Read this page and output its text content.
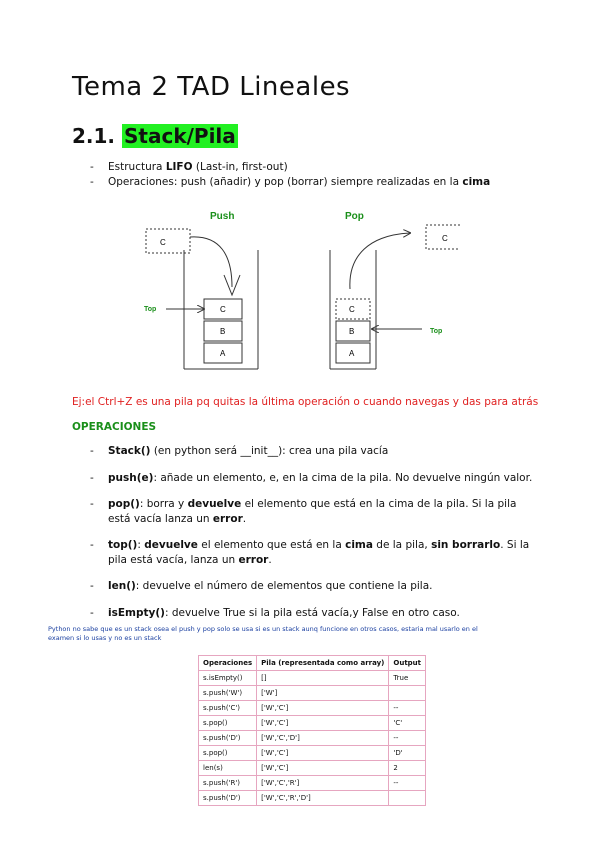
Tema 2 TAD Lineales
2.1. Stack/Pila
- Estructura LIFO (Last-in, first-out)
- Operaciones: push (añadir) y pop (borrar) siempre realizadas en la cima
Push
C
C
B
A
Top
Pop
C
C
B
A
Top
Ej:el Ctrl+Z es una pila pq quitas la última operación o cuando navegas y das para atrás
OPERACIONES
-	Stack() (en python será __init__): crea una pila vacía
-	push(e): añade un elemento, e, en la cima de la pila. No devuelve ningún valor.
-	pop(): borra y devuelve el elemento que está en la cima de la pila. Si la pila está vacía lanza un error.
-	top(): devuelve el elemento que está en la cima de la pila, sin borrarlo. Si la pila está vacía, lanza un error.
-	len(): devuelve el número de elementos que contiene la pila.
-	isEmpty(): devuelve True si la pila está vacía,y False en otro caso.
Python no sabe que es un stack osea el push y pop solo se usa si es un stack aunq funcione en otros casos, estaria mal usarlo en el examen si lo usas y no es un stack
Operaciones	Pila (representada como array)	Output
s.isEmpty()	[]	True
s.push('W')	['W']	
s.push('C')	['W','C']	--
s.pop()	['W','C']	'C'
s.push('D')	['W','C','D']	--
s.pop()	['W','C']	'D'
len(s)	['W','C']	2
s.push('R')	['W','C','R']	--
s.push('D')	['W','C','R','D']	
